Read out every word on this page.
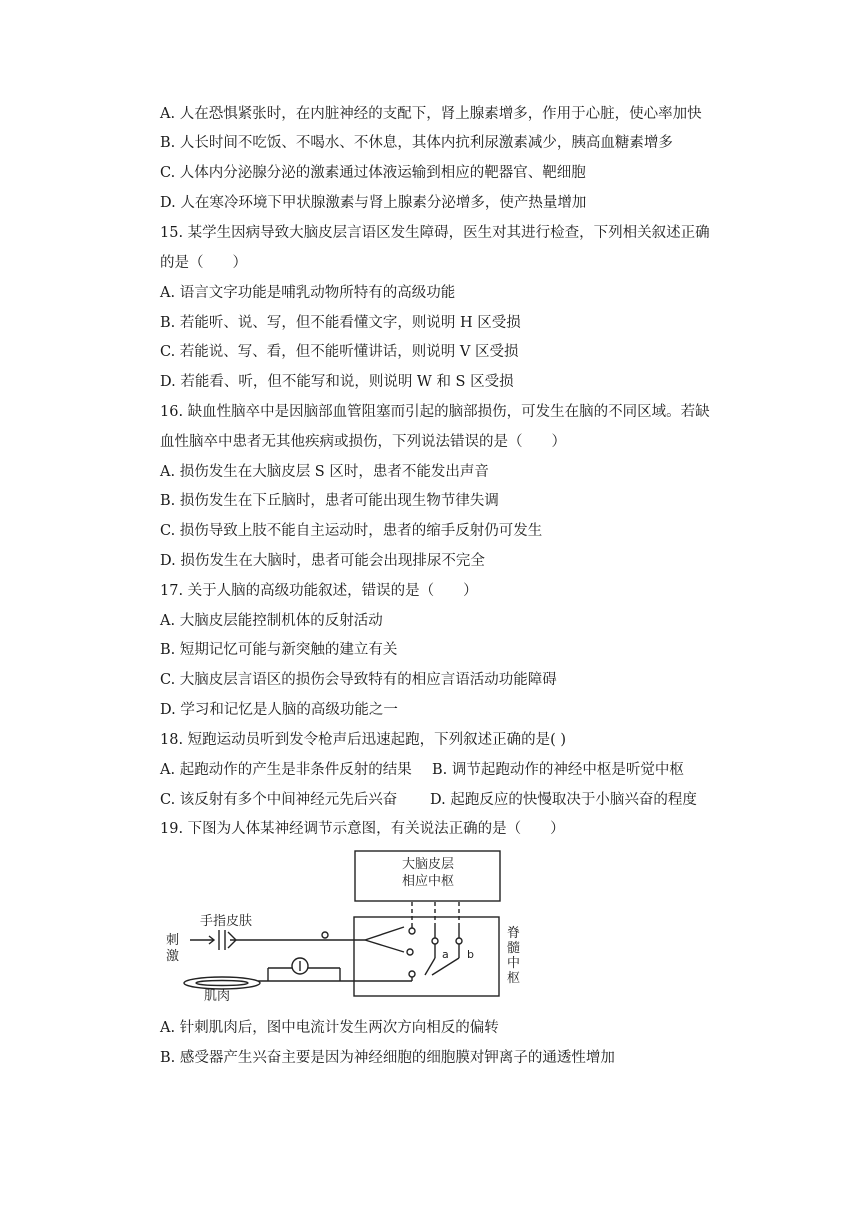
A. 人在恐惧紧张时，在内脏神经的支配下，肾上腺素增多，作用于心脏，使心率加快
B. 人长时间不吃饭、不喝水、不休息，其体内抗利尿激素减少，胰高血糖素增多
C. 人体内分泌腺分泌的激素通过体液运输到相应的靶器官、靶细胞
D. 人在寒冷环境下甲状腺激素与肾上腺素分泌增多，使产热量增加
15. 某学生因病导致大脑皮层言语区发生障碍，医生对其进行检查，下列相关叙述正确
的是（　　）
A. 语言文字功能是哺乳动物所特有的高级功能
B. 若能听、说、写，但不能看懂文字，则说明 H 区受损
C. 若能说、写、看，但不能听懂讲话，则说明 V 区受损
D. 若能看、听，但不能写和说，则说明 W 和 S 区受损
16. 缺血性脑卒中是因脑部血管阻塞而引起的脑部损伤，可发生在脑的不同区域。若缺
血性脑卒中患者无其他疾病或损伤，下列说法错误的是（　　）
A. 损伤发生在大脑皮层 S 区时，患者不能发出声音
B. 损伤发生在下丘脑时，患者可能出现生物节律失调
C. 损伤导致上肢不能自主运动时，患者的缩手反射仍可发生
D. 损伤发生在大脑时，患者可能会出现排尿不完全
17. 关于人脑的高级功能叙述，错误的是（　　）
A. 大脑皮层能控制机体的反射活动
B. 短期记忆可能与新突触的建立有关
C. 大脑皮层言语区的损伤会导致特有的相应言语活动功能障碍
D. 学习和记忆是人脑的高级功能之一
18. 短跑运动员听到发令枪声后迅速起跑，下列叙述正确的是( )
A. 起跑动作的产生是非条件反射的结果 B. 调节起跑动作的神经中枢是听觉中枢
C. 该反射有多个中间神经元先后兴奋 D. 起跑反应的快慢取决于小脑兴奋的程度
19. 下图为人体某神经调节示意图，有关说法正确的是（　　）
大脑皮层
相应中枢
手指皮肤
刺
激
肌肉
a b
脊
髓
中
枢
A. 针刺肌肉后，图中电流计发生两次方向相反的偏转
B. 感受器产生兴奋主要是因为神经细胞的细胞膜对钾离子的通透性增加
